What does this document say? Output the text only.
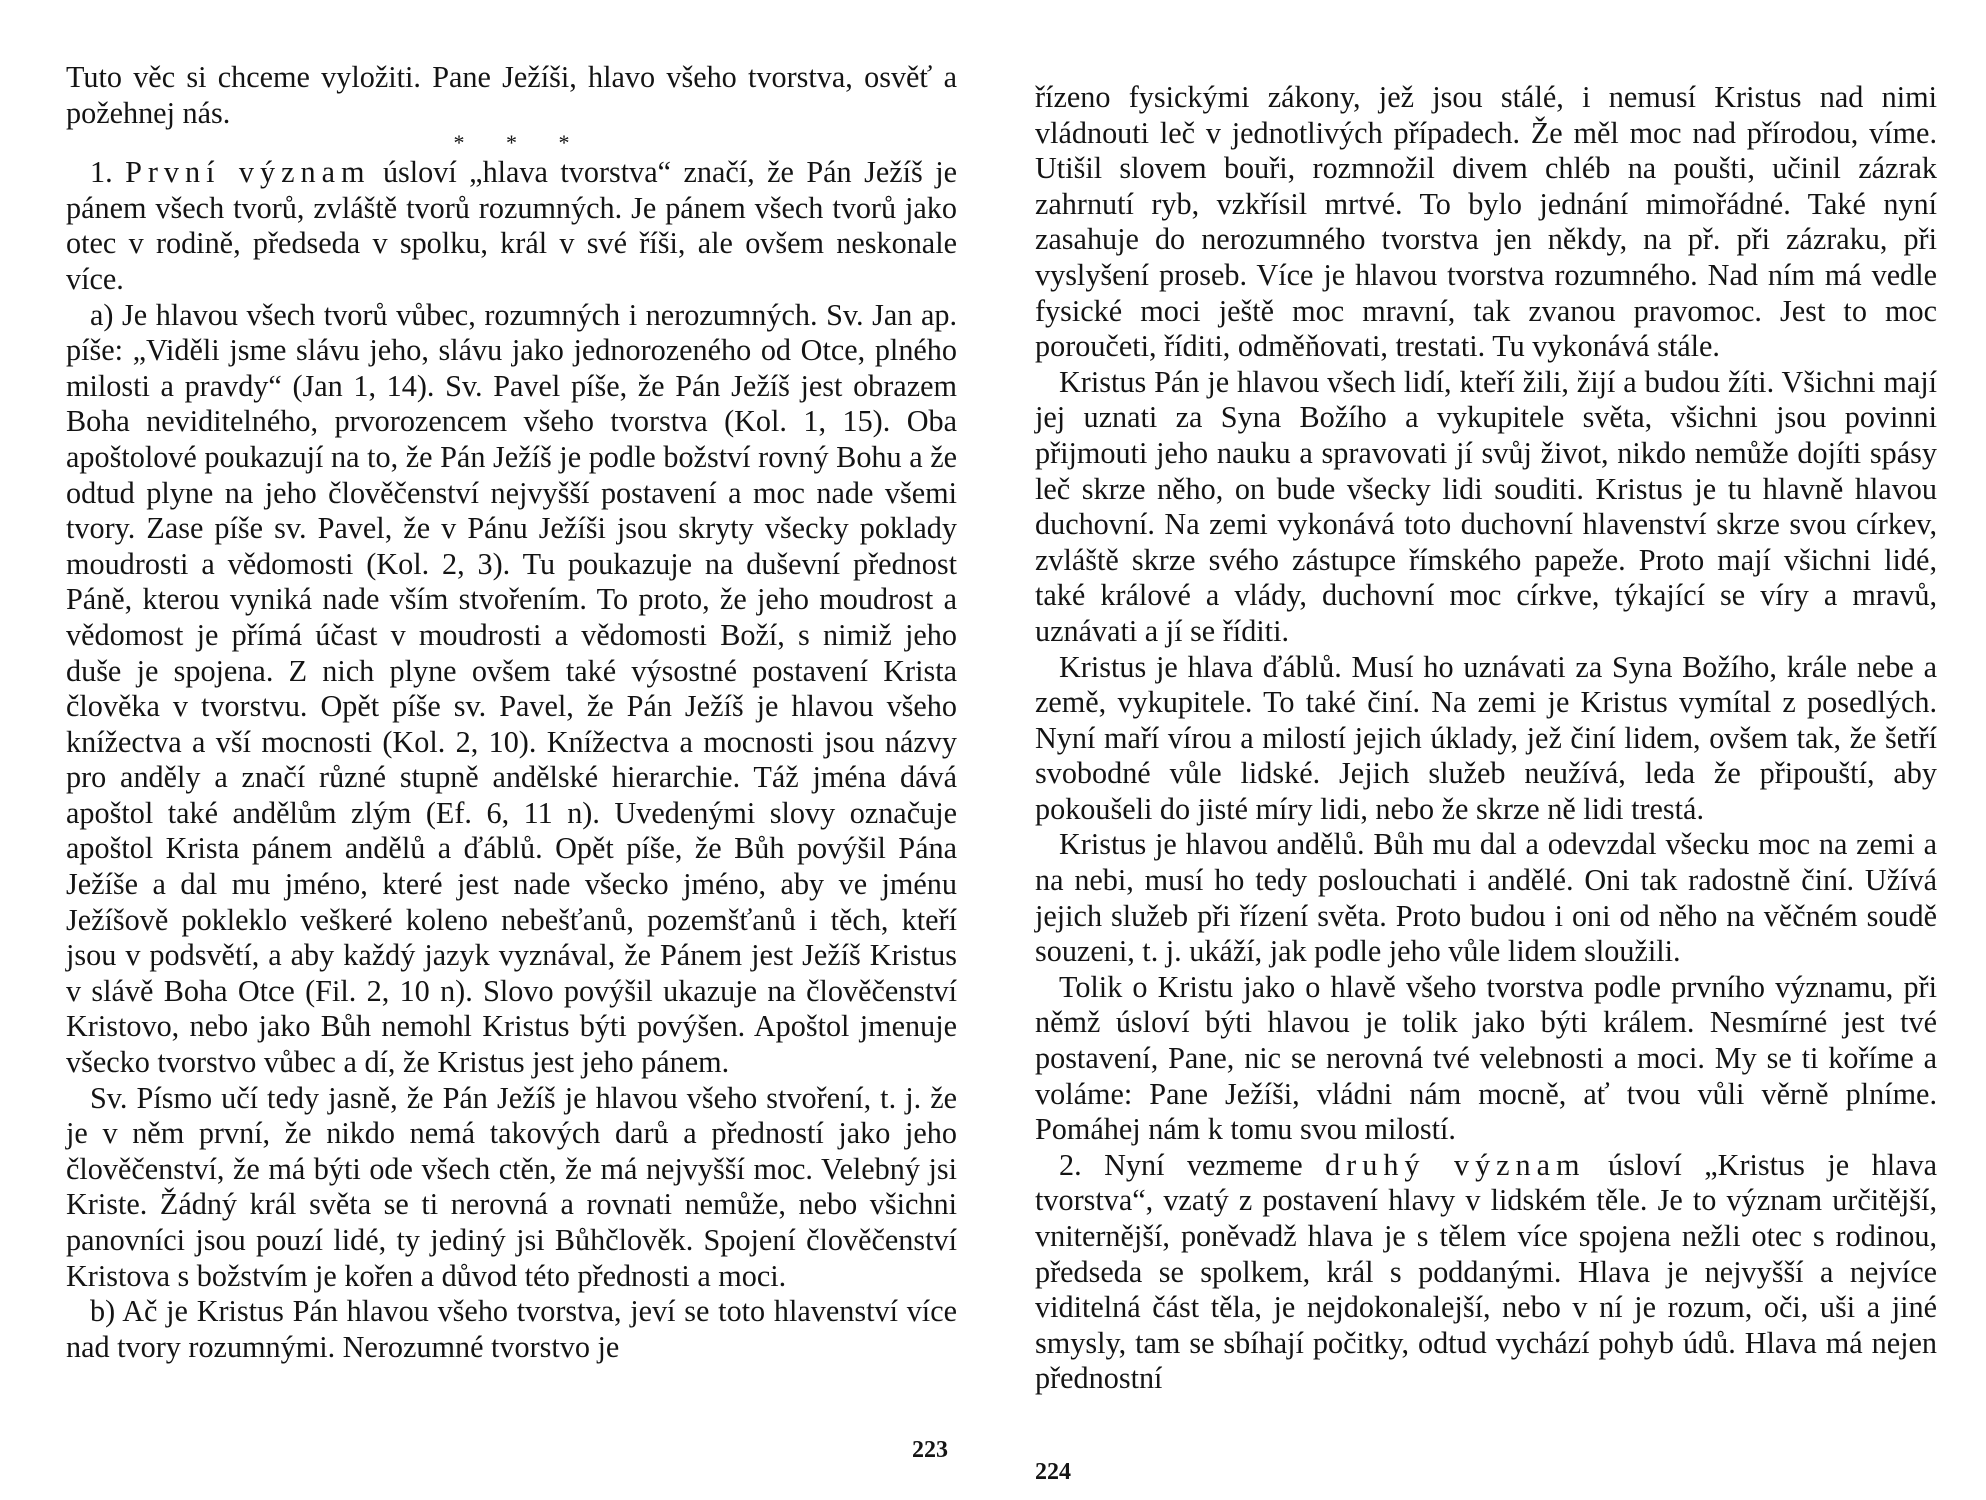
Tuto věc si chceme vyložiti. Pane Ježíši, hlavo všeho tvorstva, osvěť a požehnej nás.

* * *

1. První význam úsloví „hlava tvorstva“ značí, že Pán Ježíš je pánem všech tvorů, zvláště tvorů rozumných. Je pánem všech tvorů jako otec v rodině, předseda v spolku, král v své říši, ale ovšem neskonale více.

a) Je hlavou všech tvorů vůbec, rozumných i nerozumných. Sv. Jan ap. píše: „Viděli jsme slávu jeho, slávu jako jednorozeného od Otce, plného milosti a pravdy“ (Jan 1, 14). Sv. Pavel píše, že Pán Ježíš jest obrazem Boha neviditelného, prvorozencem všeho tvorstva (Kol. 1, 15). Oba apoštolové poukazují na to, že Pán Ježíš je podle božství rovný Bohu a že odtud plyne na jeho člověčenství nejvyšší postavení a moc nade všemi tvory. Zase píše sv. Pavel, že v Pánu Ježíši jsou skryty všecky poklady moudrosti a vědomosti (Kol. 2, 3). Tu poukazuje na duševní přednost Páně, kterou vyniká nade vším stvořením. To proto, že jeho moudrost a vědomost je přímá účast v moudrosti a vědomosti Boží, s nimiž jeho duše je spojena. Z nich plyne ovšem také výsostné postavení Krista člověka v tvorstvu. Opět píše sv. Pavel, že Pán Ježíš je hlavou všeho knížectva a vší mocnosti (Kol. 2, 10). Knížectva a mocnosti jsou názvy pro anděly a značí různé stupně andělské hierarchie. Táž jména dává apoštol také andělům zlým (Ef. 6, 11 n). Uvedenými slovy označuje apoštol Krista pánem andělů a ďáblů. Opět píše, že Bůh povýšil Pána Ježíše a dal mu jméno, které jest nade všecko jméno, aby ve jménu Ježíšově pokleklo veškeré koleno nebešťanů, pozemšťanů i těch, kteří jsou v podsvětí, a aby každý jazyk vyznával, že Pánem jest Ježíš Kristus v slávě Boha Otce (Fil. 2, 10 n). Slovo povýšil ukazuje na člověčenství Kristovo, nebo jako Bůh nemohl Kristus býti povýšen. Apoštol jmenuje všecko tvorstvo vůbec a dí, že Kristus jest jeho pánem.

Sv. Písmo učí tedy jasně, že Pán Ježíš je hlavou všeho stvoření, t. j. že je v něm první, že nikdo nemá takových darů a předností jako jeho člověčenství, že má býti ode všech ctěn, že má nejvyšší moc. Velebný jsi Kriste. Žádný král světa se ti nerovná a rovnati nemůže, nebo všichni panovníci jsou pouzí lidé, ty jediný jsi Bůhčlověk. Spojení člověčenství Kristova s božstvím je kořen a důvod této přednosti a moci.

b) Ač je Kristus Pán hlavou všeho tvorstva, jeví se toto hlavenství více nad tvory rozumnými. Nerozumné tvorstvo je

223

řízeno fysickými zákony, jež jsou stálé, i nemusí Kristus nad nimi vládnouti leč v jednotlivých případech. Že měl moc nad přírodou, víme. Utišil slovem bouři, rozmnožil divem chléb na poušti, učinil zázrak zahrnutí ryb, vzkřísil mrtvé. To bylo jednání mimořádné. Také nyní zasahuje do nerozumného tvorstva jen někdy, na př. při zázraku, při vyslyšení proseb. Více je hlavou tvorstva rozumného. Nad ním má vedle fysické moci ještě moc mravní, tak zvanou pravomoc. Jest to moc poroučeti, říditi, odměňovati, trestati. Tu vykonává stále.

Kristus Pán je hlavou všech lidí, kteří žili, žijí a budou žíti. Všichni mají jej uznati za Syna Božího a vykupitele světa, všichni jsou povinni přijmouti jeho nauku a spravovati jí svůj život, nikdo nemůže dojíti spásy leč skrze něho, on bude všecky lidi souditi. Kristus je tu hlavně hlavou duchovní. Na zemi vykonává toto duchovní hlavenství skrze svou církev, zvláště skrze svého zástupce římského papeže. Proto mají všichni lidé, také králové a vlády, duchovní moc církve, týkající se víry a mravů, uznávati a jí se říditi.

Kristus je hlava ďáblů. Musí ho uznávati za Syna Božího, krále nebe a země, vykupitele. To také činí. Na zemi je Kristus vymítal z posedlých. Nyní maří vírou a milostí jejich úklady, jež činí lidem, ovšem tak, že šetří svobodné vůle lidské. Jejich služeb neužívá, leda že připouští, aby pokoušeli do jisté míry lidi, nebo že skrze ně lidi trestá.

Kristus je hlavou andělů. Bůh mu dal a odevzdal všecku moc na zemi a na nebi, musí ho tedy poslouchati i andělé. Oni tak radostně činí. Užívá jejich služeb při řízení světa. Proto budou i oni od něho na věčném soudě souzeni, t. j. ukáží, jak podle jeho vůle lidem sloužili.

Tolik o Kristu jako o hlavě všeho tvorstva podle prvního významu, při němž úsloví býti hlavou je tolik jako býti králem. Nesmírné jest tvé postavení, Pane, nic se nerovná tvé velebnosti a moci. My se ti koříme a voláme: Pane Ježíši, vládni nám mocně, ať tvou vůli věrně plníme. Pomáhej nám k tomu svou milostí.

2. Nyní vezmeme druhý význam úsloví „Kristus je hlava tvorstva“, vzatý z postavení hlavy v lidském těle. Je to význam určitější, vniternější, poněvadž hlava je s tělem více spojena nežli otec s rodinou, předseda se spolkem, král s poddanými. Hlava je nejvyšší a nejvíce viditelná část těla, je nejdokonalejší, nebo v ní je rozum, oči, uši a jiné smysly, tam se sbíhají počitky, odtud vychází pohyb údů. Hlava má nejen přednostní

224
